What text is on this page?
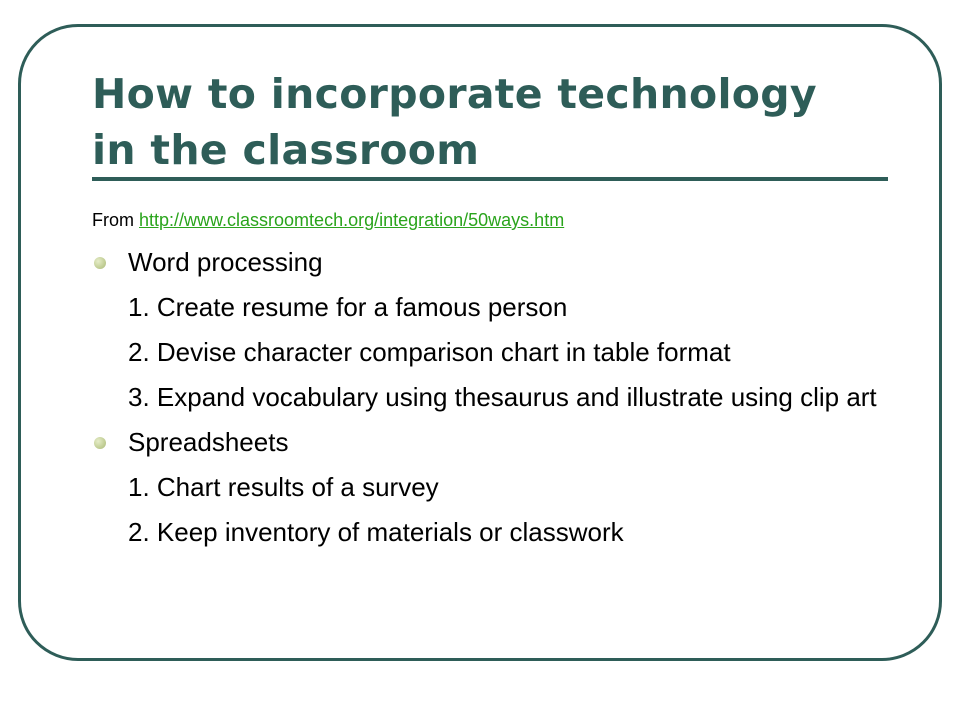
How to incorporate technology
in the classroom
From http://www.classroomtech.org/integration/50ways.htm
Word processing
1. Create resume for a famous person
2. Devise character comparison chart in table format
3. Expand vocabulary using thesaurus and illustrate using clip art
Spreadsheets
1. Chart results of a survey
2. Keep inventory of materials or classwork
